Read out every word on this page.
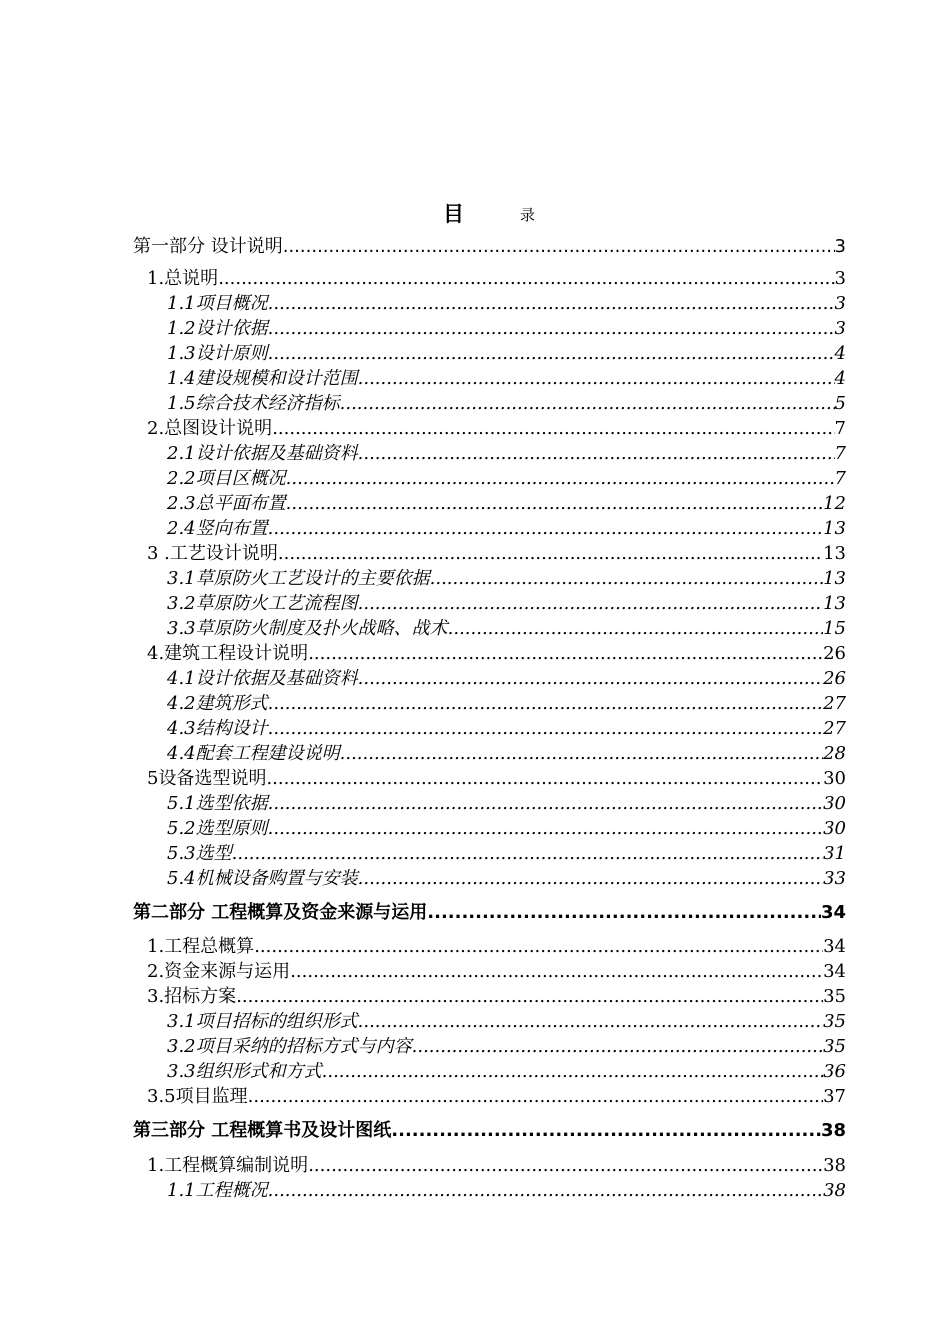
目	录
第一部分 设计说明 .....	3
1.总说明 .....	3
1.1项目概况 .....	3
1.2设计依据 .....	3
1.3设计原则 .....	4
1.4建设规模和设计范围 .....	4
1.5综合技术经济指标 .....	5
2.总图设计说明 .....	7
2.1设计依据及基础资料 .....	7
2.2项目区概况 .....	7
2.3总平面布置 .....	12
2.4竖向布置 .....	13
3 .工艺设计说明 .....	13
3.1草原防火工艺设计的主要依据 .....	13
3.2草原防火工艺流程图 .....	13
3.3草原防火制度及扑火战略、战术 .....	15
4.建筑工程设计说明 .....	26
4.1设计依据及基础资料 .....	26
4.2建筑形式 .....	27
4.3结构设计 .....	27
4.4配套工程建设说明 .....	28
5设备选型说明 .....	30
5.1选型依据 .....	30
5.2选型原则 .....	30
5.3选型 .....	31
5.4机械设备购置与安装 .....	33
第二部分 工程概算及资金来源与运用 .....	34
1.工程总概算 .....	34
2.资金来源与运用 .....	34
3.招标方案 .....	35
3.1项目招标的组织形式 .....	35
3.2项目采纳的招标方式与内容 .....	35
3.3组织形式和方式 .....	36
3.5项目监理 .....	37
第三部分 工程概算书及设计图纸 .....	38
1.工程概算编制说明 .....	38
1.1工程概况 .....	38
